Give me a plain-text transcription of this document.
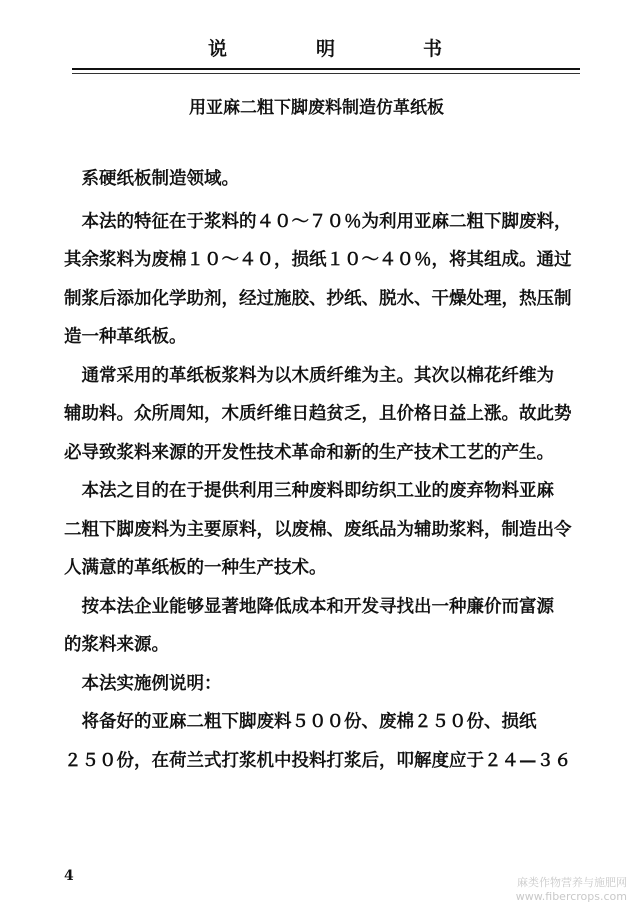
说	明	书
用亚麻二粗下脚废料制造仿革纸板
　系硬纸板制造领域。
　本法的特征在于浆料的４０～７０％为利用亚麻二粗下脚废料，
其余浆料为废棉１０～４０，损纸１０～４０％，将其组成。通过
制浆后添加化学助剂，经过施胶、抄纸、脱水、干燥处理，热压制
造一种革纸板。
　通常采用的革纸板浆料为以木质纤维为主。其次以棉花纤维为
辅助料。众所周知，木质纤维日趋贫乏，且价格日益上涨。故此势
必导致浆料来源的开发性技术革命和新的生产技术工艺的产生。
　本法之目的在于提供利用三种废料即纺织工业的废弃物料亚麻
二粗下脚废料为主要原料，以废棉、废纸品为辅助浆料，制造出令
人满意的革纸板的一种生产技术。
　按本法企业能够显著地降低成本和开发寻找出一种廉价而富源
的浆料来源。
　本法实施例说明：
　将备好的亚麻二粗下脚废料５００份、废棉２５０份、损纸
２５０份，在荷兰式打浆机中投料打浆后，叩解度应于２４—３６
4	麻类作物营养与施肥网
www.fibercrops.com
